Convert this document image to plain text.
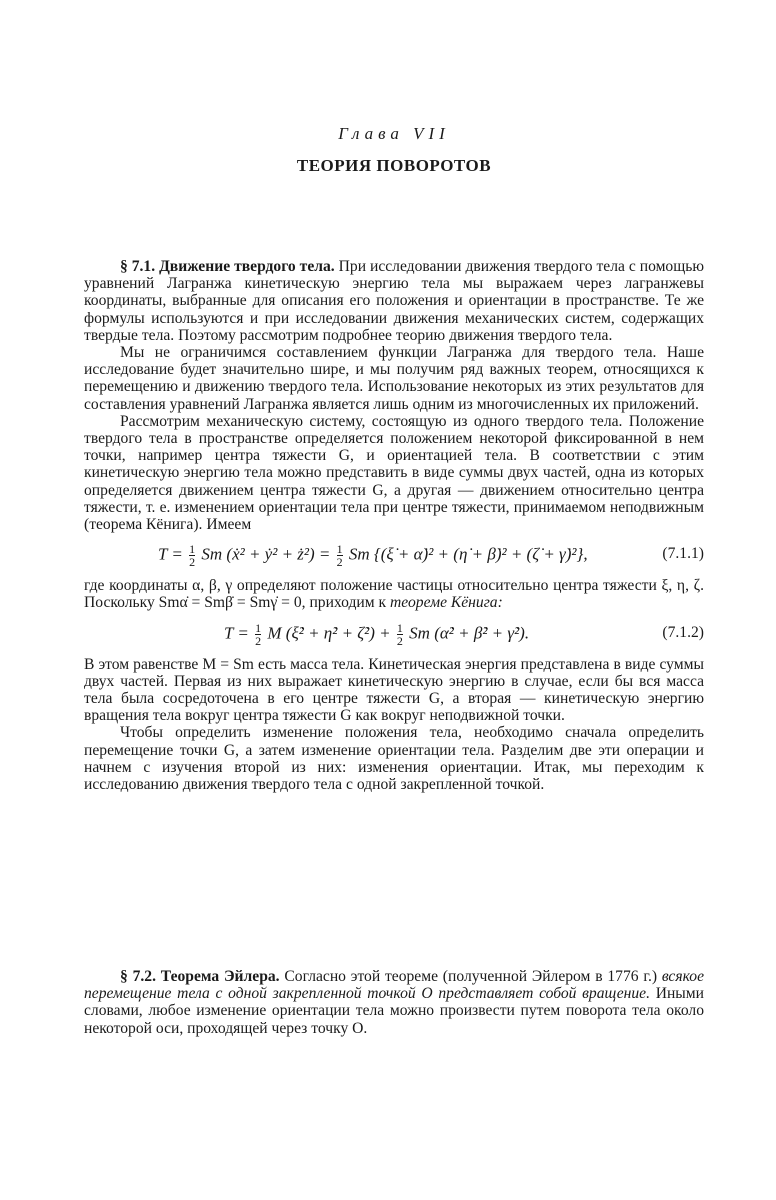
Глава VII
ТЕОРИЯ ПОВОРОТОВ

§ 7.1. Движение твердого тела. При исследовании движения твердого тела с помощью уравнений Лагранжа кинетическую энергию тела мы выражаем через лагранжевы координаты, выбранные для описания его положения и ориентации в пространстве. Те же формулы используются и при исследовании движения механических систем, содержащих твердые тела. Поэтому рассмотрим подробнее теорию движения твердого тела.

Мы не ограничимся составлением функции Лагранжа для твердого тела. Наше исследование будет значительно шире, и мы получим ряд важных теорем, относящихся к перемещению и движению твердого тела. Использование некоторых из этих результатов для составления уравнений Лагранжа является лишь одним из многочисленных их приложений.

Рассмотрим механическую систему, состоящую из одного твердого тела. Положение твердого тела в пространстве определяется положением некоторой фиксированной в нем точки, например центра тяжести G, и ориентацией тела. В соответствии с этим кинетическую энергию тела можно представить в виде суммы двух частей, одна из которых определяется движением центра тяжести G, а другая — движением относительно центра тяжести, т. е. изменением ориентации тела при центре тяжести, принимаемом неподвижным (теорема Кёнига). Имеем

$T = \frac{1}{2}$ Sm (ẋ² + ẏ² + ż²) = $\frac{1}{2}$ Sm {(ξ̇ + α̇)² + (η̇ + β̇)² + (ζ̇ + γ̇)²},	(7.1.1)

где координаты α, β, γ определяют положение частицы относительно центра тяжести ξ, η, ζ. Поскольку Smα̇ = Smβ̇ = Smγ̇ = 0, приходим к теореме Кёнига:

$T = \frac{1}{2}$ M (ξ̇² + η̇² + ζ̇²) + $\frac{1}{2}$ Sm (α̇² + β̇² + γ̇²).	(7.1.2)

В этом равенстве M = Sm есть масса тела. Кинетическая энергия представлена в виде суммы двух частей. Первая из них выражает кинетическую энергию в случае, если бы вся масса тела была сосредоточена в его центре тяжести G, а вторая — кинетическую энергию вращения тела вокруг центра тяжести G как вокруг неподвижной точки.

Чтобы определить изменение положения тела, необходимо сначала определить перемещение точки G, а затем изменение ориентации тела. Разделим две эти операции и начнем с изучения второй из них: изменения ориентации. Итак, мы переходим к исследованию движения твердого тела с одной закрепленной точкой.

§ 7.2. Теорема Эйлера. Согласно этой теореме (полученной Эйлером в 1776 г.) всякое перемещение тела с одной закрепленной точкой O представляет собой вращение. Иными словами, любое изменение ориентации тела можно произвести путем поворота тела около некоторой оси, проходящей через точку O.
